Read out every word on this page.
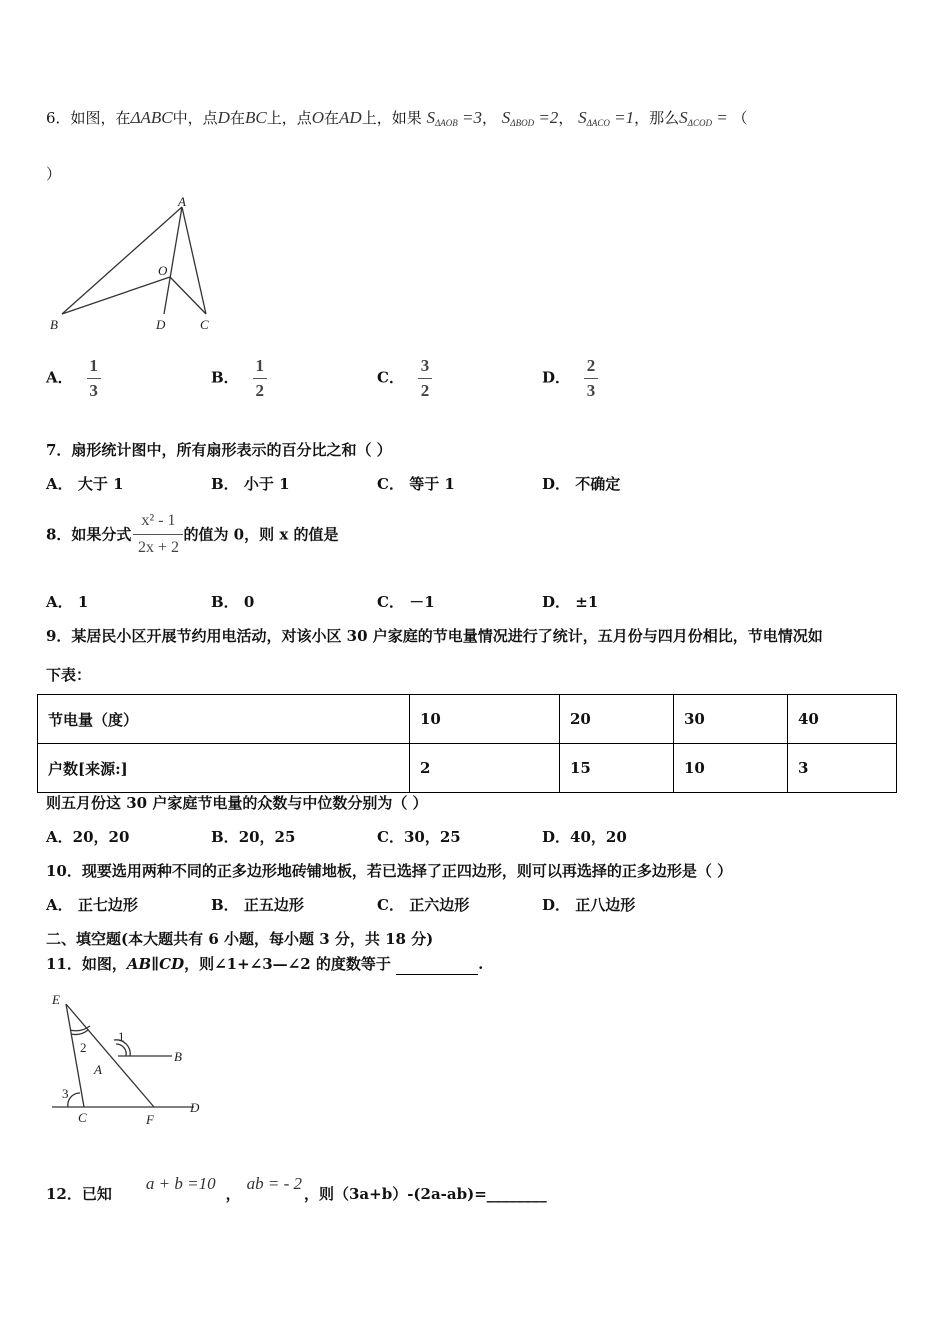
6．如图，在ΔABC中，点D在BC上，点O在AD上，如果 $S_{\Delta AOB} =3$， $S_{\Delta BOD} =2$， $S_{\Delta ACO} =1$，那么$S_{\Delta COD}$ = （
）
A
O
B	D	C
A． $\frac{1}{3}$	B． $\frac{1}{2}$	C． $\frac{3}{2}$	D． $\frac{2}{3}$
7．扇形统计图中，所有扇形表示的百分比之和（ ）
A． 大于 1	B． 小于 1	C． 等于 1	D． 不确定
8．如果分式 $\frac{\text{x² - 1}}{2x + 2}$ 的值为 0，则 x 的值是
A． 1	B． 0	C． －1	D． ±1
9．某居民小区开展节约用电活动，对该小区 30 户家庭的节电量情况进行了统计，五月份与四月份相比，节电情况如
下表：
节电量（度）	10	20	30	40
户数[来源:]	2	15	10	3
则五月份这 30 户家庭节电量的众数与中位数分别为（ ）
A．20，20	B．20，25	C．30，25	D．40，20
10．现要选用两种不同的正多边形地砖铺地板，若已选择了正四边形，则可以再选择的正多边形是（ ）
A． 正七边形	B． 正五边形	C． 正六边形	D． 正八边形
二、填空题(本大题共有 6 小题，每小题 3 分，共 18 分)
11．如图，AB∥CD，则∠1+∠3—∠2 的度数等于	.
E
2
1
B
A
3
C	F
D
12．已知a + b =10，ab = - 2，则（3a+b）-(2a-ab)=________
